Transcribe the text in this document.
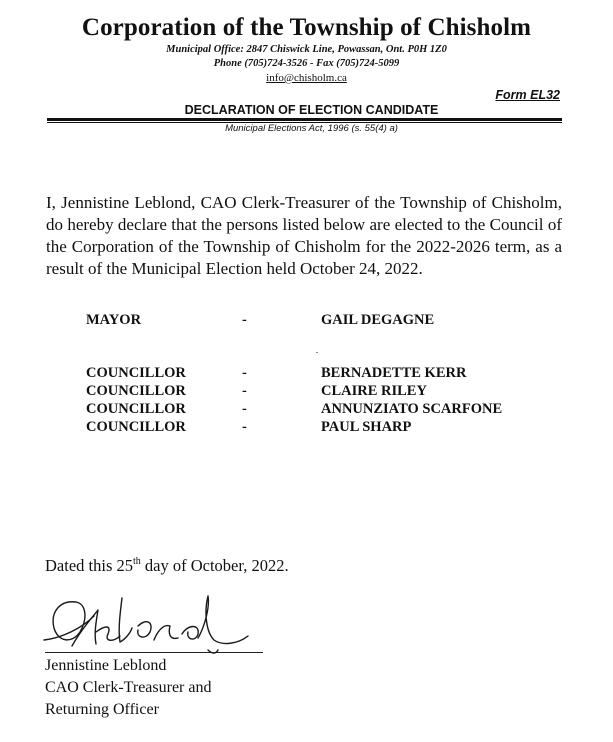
Corporation of the Township of Chisholm
Municipal Office: 2847 Chiswick Line, Powassan, Ont. P0H 1Z0
Phone (705)724-3526 - Fax (705)724-5099
info@chisholm.ca
Form EL32
DECLARATION OF ELECTION CANDIDATE
Municipal Elections Act, 1996 (s. 55(4) a)
I, Jennistine Leblond, CAO Clerk-Treasurer of the Township of Chisholm, do hereby declare that the persons listed below are elected to the Council of the Corporation of the Township of Chisholm for the 2022-2026 term, as a result of the Municipal Election held October 24, 2022.
MAYOR	-	GAIL DEGAGNE
COUNCILLOR	-	BERNADETTE KERR
COUNCILLOR	-	CLAIRE RILEY
COUNCILLOR	-	ANNUNZIATO SCARFONE
COUNCILLOR	-	PAUL SHARP
Dated this 25th day of October, 2022.
Jennistine Leblond
CAO Clerk-Treasurer and
Returning Officer
